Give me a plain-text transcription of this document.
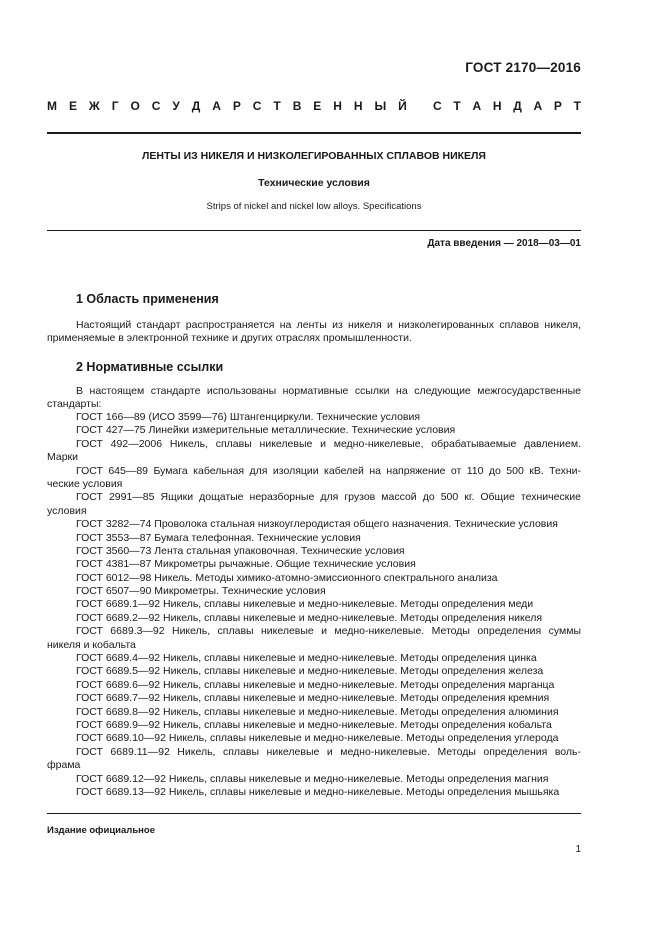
ГОСТ 2170—2016
М Е Ж Г О С У Д А Р С Т В Е Н Н Ы Й С Т А Н Д А Р Т
ЛЕНТЫ ИЗ НИКЕЛЯ И НИЗКОЛЕГИРОВАННЫХ СПЛАВОВ НИКЕЛЯ
Технические условия
Strips of nickel and nickel low alloys. Specifications
Дата введения — 2018—03—01
1 Область применения
Настоящий стандарт распространяется на ленты из никеля и низколегированных сплавов никеля,
применяемые в электронной технике и других отраслях промышленности.
2 Нормативные ссылки
В настоящем стандарте использованы нормативные ссылки на следующие межгосударственные
стандарты:
ГОСТ 166—89 (ИСО 3599—76) Штангенциркули. Технические условия
ГОСТ 427—75 Линейки измерительные металлические. Технические условия
ГОСТ 492—2006 Никель, сплавы никелевые и медно-никелевые, обрабатываемые давлением.
Марки
ГОСТ 645—89 Бумага кабельная для изоляции кабелей на напряжение от 110 до 500 кВ. Техни-
ческие условия
ГОСТ 2991—85 Ящики дощатые неразборные для грузов массой до 500 кг. Общие технические
условия
ГОСТ 3282—74 Проволока стальная низкоуглеродистая общего назначения. Технические условия
ГОСТ 3553—87 Бумага телефонная. Технические условия
ГОСТ 3560—73 Лента стальная упаковочная. Технические условия
ГОСТ 4381—87 Микрометры рычажные. Общие технические условия
ГОСТ 6012—98 Никель. Методы химико-атомно-эмиссионного спектрального анализа
ГОСТ 6507—90 Микрометры. Технические условия
ГОСТ 6689.1—92 Никель, сплавы никелевые и медно-никелевые. Методы определения меди
ГОСТ 6689.2—92 Никель, сплавы никелевые и медно-никелевые. Методы определения никеля
ГОСТ 6689.3—92 Никель, сплавы никелевые и медно-никелевые. Методы определения суммы
никеля и кобальта
ГОСТ 6689.4—92 Никель, сплавы никелевые и медно-никелевые. Методы определения цинка
ГОСТ 6689.5—92 Никель, сплавы никелевые и медно-никелевые. Методы определения железа
ГОСТ 6689.6—92 Никель, сплавы никелевые и медно-никелевые. Методы определения марганца
ГОСТ 6689.7—92 Никель, сплавы никелевые и медно-никелевые. Методы определения кремния
ГОСТ 6689.8—92 Никель, сплавы никелевые и медно-никелевые. Методы определения алюминия
ГОСТ 6689.9—92 Никель, сплавы никелевые и медно-никелевые. Методы определения кобальта
ГОСТ 6689.10—92 Никель, сплавы никелевые и медно-никелевые. Методы определения углерода
ГОСТ 6689.11—92 Никель, сплавы никелевые и медно-никелевые. Методы определения воль-
фрама
ГОСТ 6689.12—92 Никель, сплавы никелевые и медно-никелевые. Методы определения магния
ГОСТ 6689.13—92 Никель, сплавы никелевые и медно-никелевые. Методы определения мышьяка
Издание официальное
1
